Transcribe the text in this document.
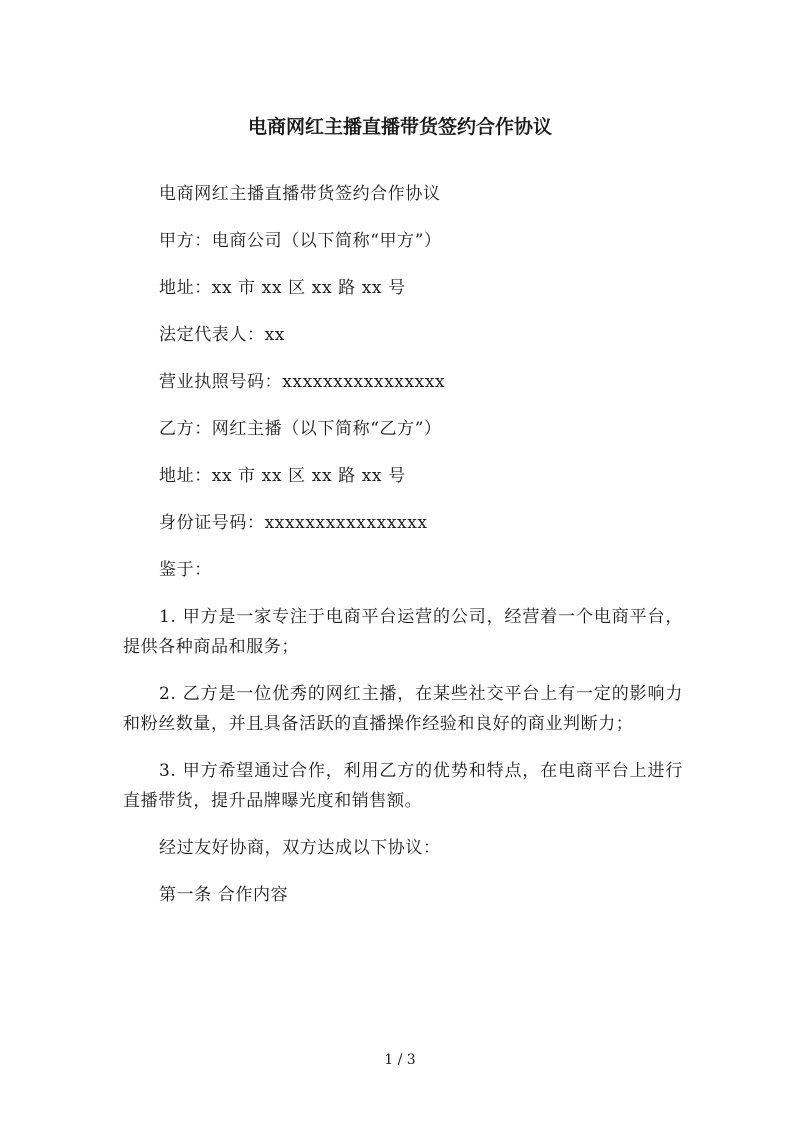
电商网红主播直播带货签约合作协议

电商网红主播直播带货签约合作协议

甲方：电商公司（以下简称“甲方”）

地址：xx 市 xx 区 xx 路 xx 号

法定代表人：xx

营业执照号码：xxxxxxxxxxxxxxxx

乙方：网红主播（以下简称“乙方”）

地址：xx 市 xx 区 xx 路 xx 号

身份证号码：xxxxxxxxxxxxxxxx

鉴于：

1. 甲方是一家专注于电商平台运营的公司，经营着一个电商平台，提供各种商品和服务；

2. 乙方是一位优秀的网红主播，在某些社交平台上有一定的影响力和粉丝数量，并且具备活跃的直播操作经验和良好的商业判断力；

3. 甲方希望通过合作，利用乙方的优势和特点，在电商平台上进行直播带货，提升品牌曝光度和销售额。

经过友好协商，双方达成以下协议：

第一条 合作内容

1 / 3
